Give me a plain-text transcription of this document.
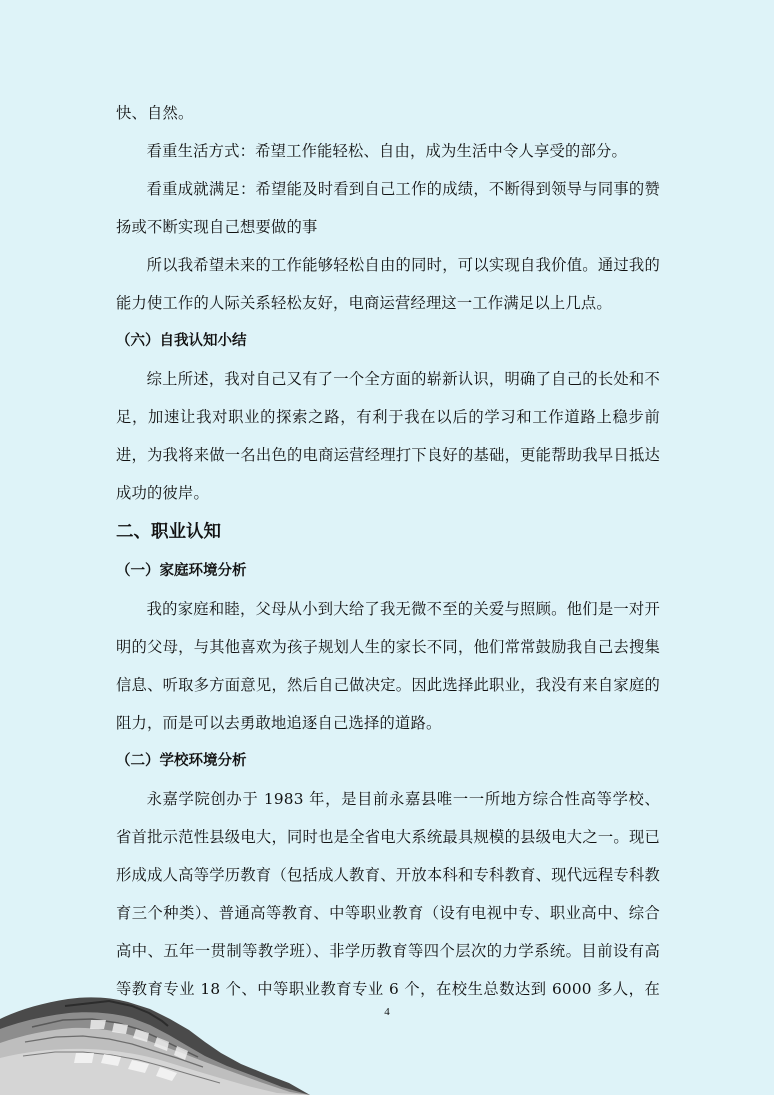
快、自然。

看重生活方式：希望工作能轻松、自由，成为生活中令人享受的部分。

看重成就满足：希望能及时看到自己工作的成绩，不断得到领导与同事的赞扬或不断实现自己想要做的事

所以我希望未来的工作能够轻松自由的同时，可以实现自我价值。通过我的能力使工作的人际关系轻松友好，电商运营经理这一工作满足以上几点。

（六）自我认知小结

综上所述，我对自己又有了一个全方面的崭新认识，明确了自己的长处和不足，加速让我对职业的探索之路，有利于我在以后的学习和工作道路上稳步前进，为我将来做一名出色的电商运营经理打下良好的基础，更能帮助我早日抵达成功的彼岸。

二、职业认知

（一）家庭环境分析

我的家庭和睦，父母从小到大给了我无微不至的关爱与照顾。他们是一对开明的父母，与其他喜欢为孩子规划人生的家长不同，他们常常鼓励我自己去搜集信息、听取多方面意见，然后自己做决定。因此选择此职业，我没有来自家庭的阻力，而是可以去勇敢地追逐自己选择的道路。

（二）学校环境分析

永嘉学院创办于 1983 年，是目前永嘉县唯一一所地方综合性高等学校、省首批示范性县级电大，同时也是全省电大系统最具规模的县级电大之一。现已形成成人高等学历教育（包括成人教育、开放本科和专科教育、现代远程专科教育三个种类）、普通高等教育、中等职业教育（设有电视中专、职业高中、综合高中、五年一贯制等教学班）、非学历教育等四个层次的力学系统。目前设有高等教育专业 18 个、中等职业教育专业 6 个，在校生总数达到 6000 多人，在

4
